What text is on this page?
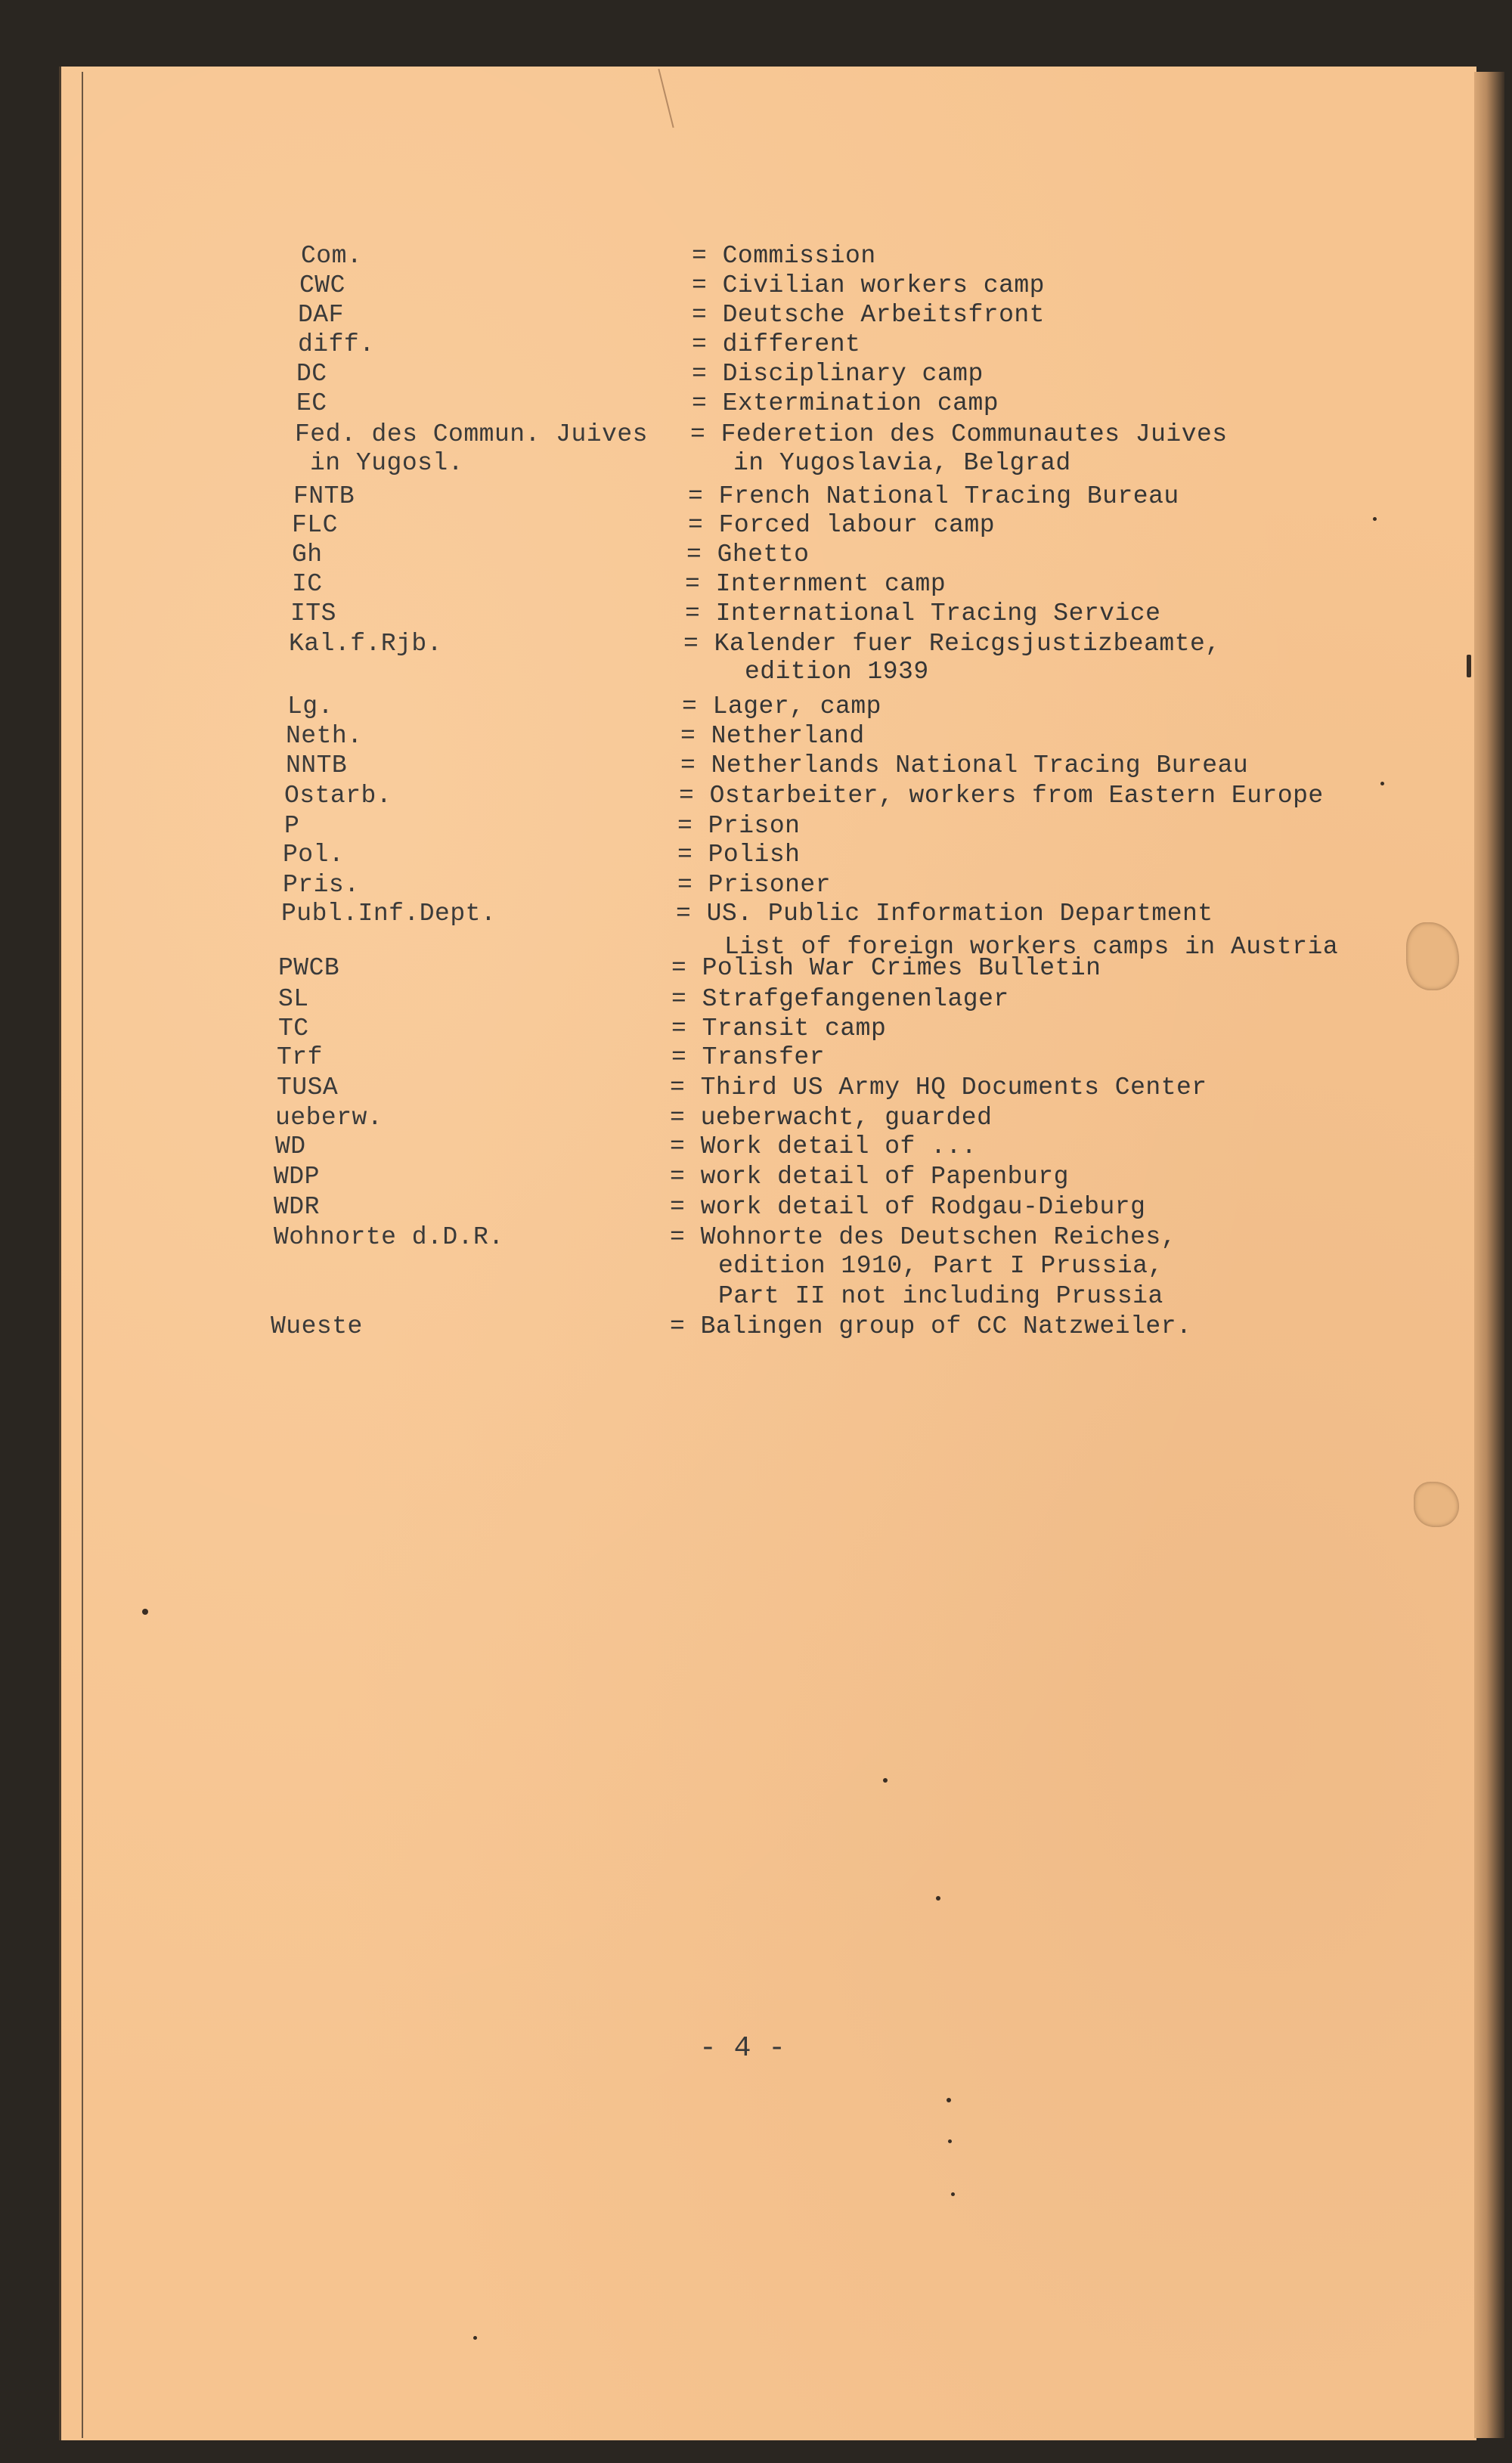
Com.	= Commission
CWC	= Civilian workers camp
DAF	= Deutsche Arbeitsfront
diff.	= different
DC	= Disciplinary camp
EC	= Extermination camp
Fed. des Commun. Juives = Federetion des Communautes Juives
in Yugosl.	in Yugoslavia, Belgrad
FNTB	= French National Tracing Bureau
FLC	= Forced labour camp
Gh	= Ghetto
IC	= Internment camp
ITS	= International Tracing Service
Kal.f.Rjb.	= Kalender fuer Reicgsjustizbeamte,
edition 1939
Lg.	= Lager, camp
Neth.	= Netherland
NNTB	= Netherlands National Tracing Bureau
Ostarb.	= Ostarbeiter, workers from Eastern Europe
P	= Prison
Pol.	= Polish
Pris.	= Prisoner
Publ.Inf.Dept.	= US. Public Information Department
List of foreign workers camps in Austria
PWCB	= Polish War Crimes Bulletin
SL	= Strafgefangenenlager
TC	= Transit camp
Trf	= Transfer
TUSA	= Third US Army HQ Documents Center
ueberw.	= ueberwacht, guarded
WD	= Work detail of ...
WDP	= work detail of Papenburg
WDR	= work detail of Rodgau-Dieburg
Wohnorte d.D.R.	= Wohnorte des Deutschen Reiches,
edition 1910, Part I Prussia,
Part II not including Prussia
Wueste	= Balingen group of CC Natzweiler.
- 4 -
